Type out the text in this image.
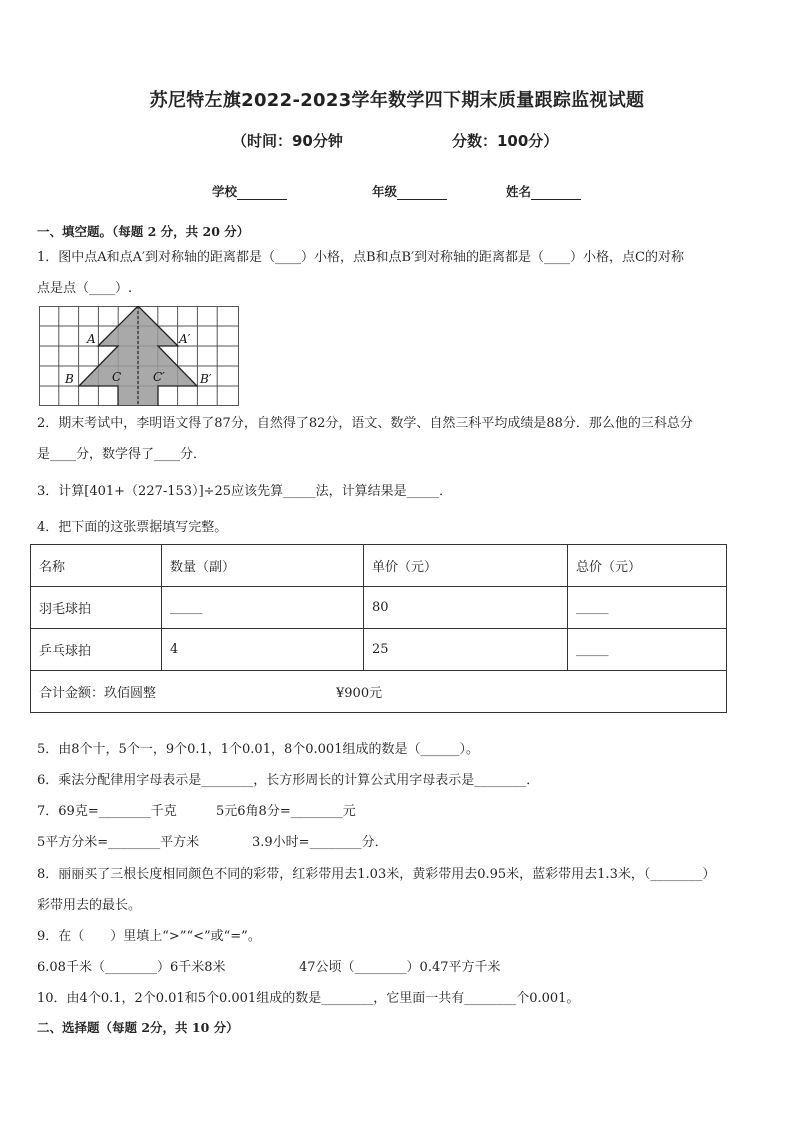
苏尼特左旗2022-2023学年数学四下期末质量跟踪监视试题
（时间：90分钟	分数：100分）
学校	年级	姓名
一、填空题。（每题 2 分，共 20 分）
1．图中点A和点A′到对称轴的距离都是（____）小格，点B和点B′到对称轴的距离都是（____）小格，点C的对称
点是点（____）.
A	A′
B	B′
C	C′
2．期末考试中，李明语文得了87分，自然得了82分，语文、数学、自然三科平均成绩是88分．那么他的三科总分
是____分，数学得了____分．
3．计算[401+（227-153）]÷25应该先算_____法，计算结果是_____．
4．把下面的这张票据填写完整。
名称	数量（副）	单价（元）	总价（元）
羽毛球拍	_____	80	_____
乒乓球拍	4	25	_____
合计金额：玖佰圆整 ¥900元			
5．由8个十，5个一，9个0.1，1个0.01，8个0.001组成的数是（______）。
6．乘法分配律用字母表示是________，长方形周长的计算公式用字母表示是________．
7．69克=________千克	5元6角8分=________元
5平方分米=________平方米	3.9小时=________分．
8．丽丽买了三根长度相同颜色不同的彩带，红彩带用去1.03米，黄彩带用去0.95米，蓝彩带用去1.3米，（________）
彩带用去的最长。
9．在（　　）里填上“>”“<”或“=”。
6.08千米（________）6千米8米	47公顷（________）0.47平方千米
10．由4个0.1，2个0.01和5个0.001组成的数是________，它里面一共有________个0.001。
二、选择题（每题 2分，共 10 分）
